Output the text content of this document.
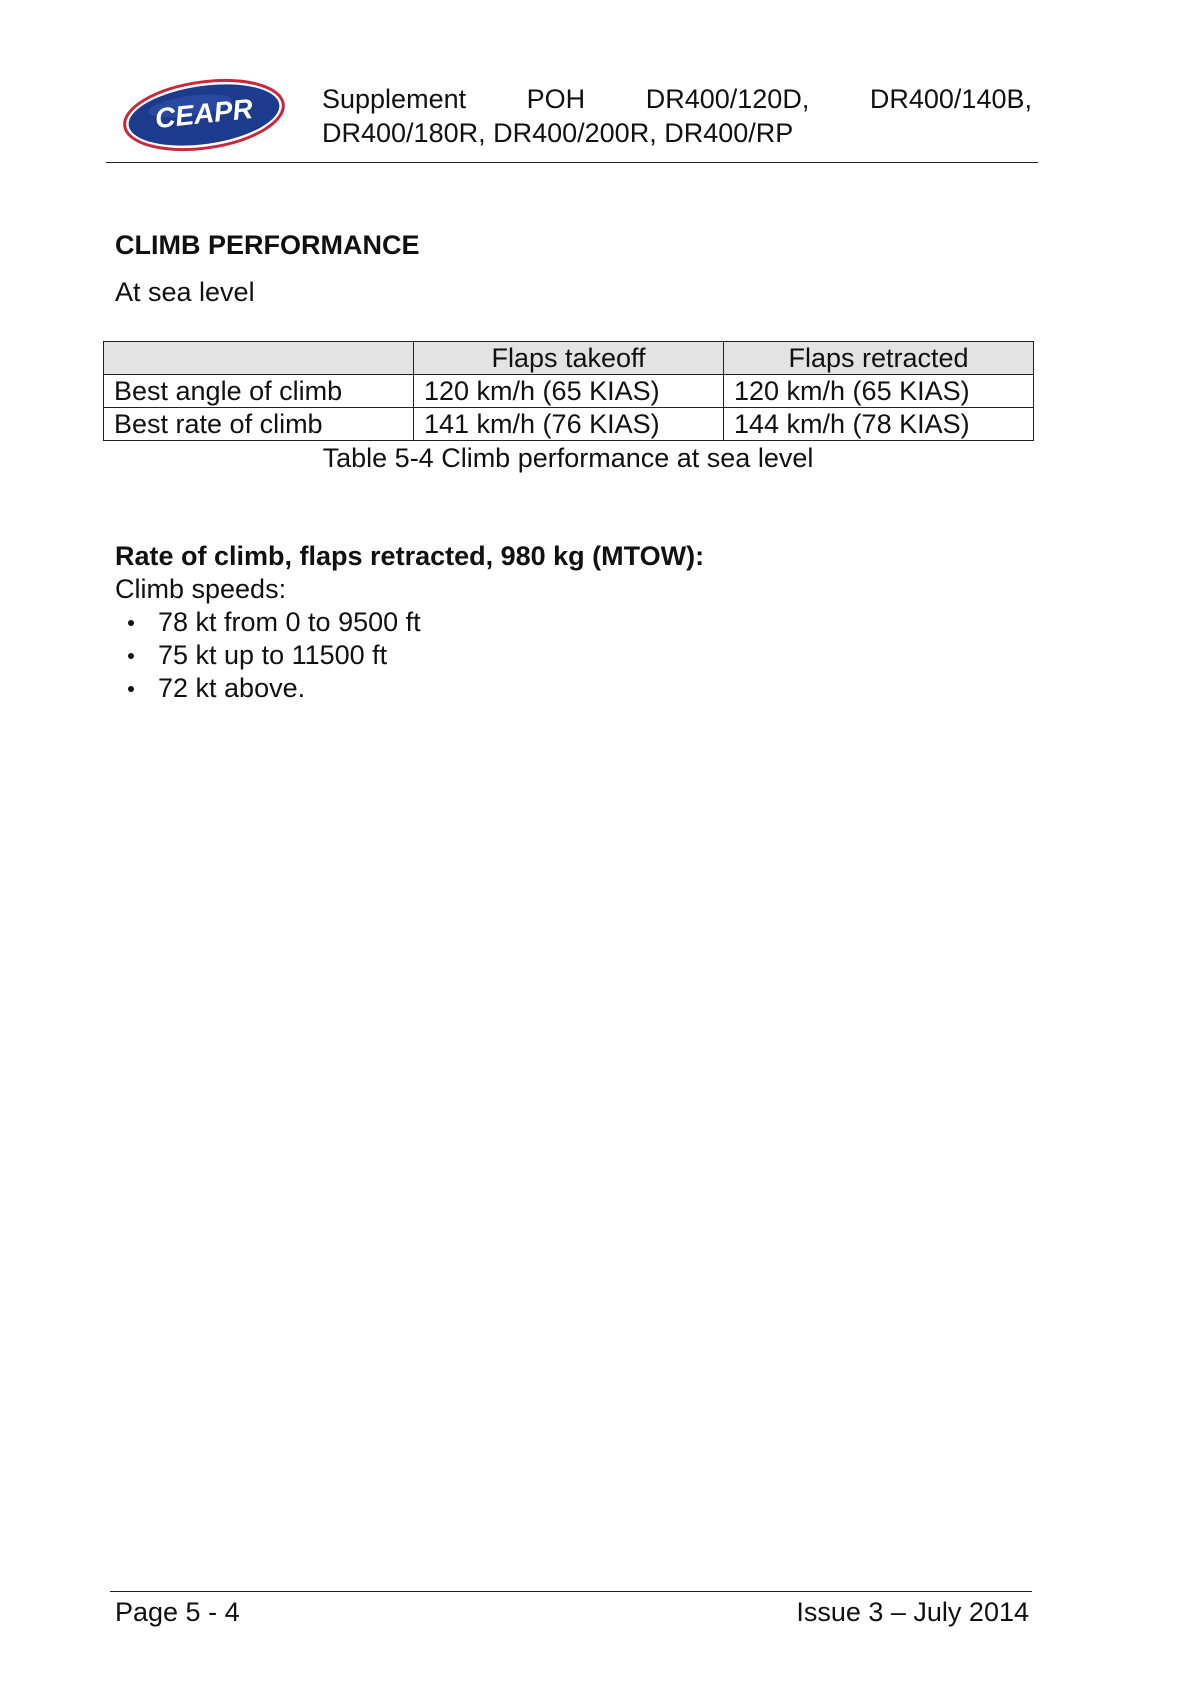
CEAPR	Supplement POH DR400/120D, DR400/140B,
DR400/180R, DR400/200R, DR400/RP
CLIMB PERFORMANCE
At sea level
	Flaps takeoff	Flaps retracted
Best angle of climb	120 km/h (65 KIAS)	120 km/h (65 KIAS)
Best rate of climb	141 km/h (76 KIAS)	144 km/h (78 KIAS)
Table 5-4 Climb performance at sea level
Rate of climb, flaps retracted, 980 kg (MTOW):
Climb speeds:
78 kt from 0 to 9500 ft
75 kt up to 11500 ft
72 kt above.
Page 5 - 4	Issue 3 – July 2014
